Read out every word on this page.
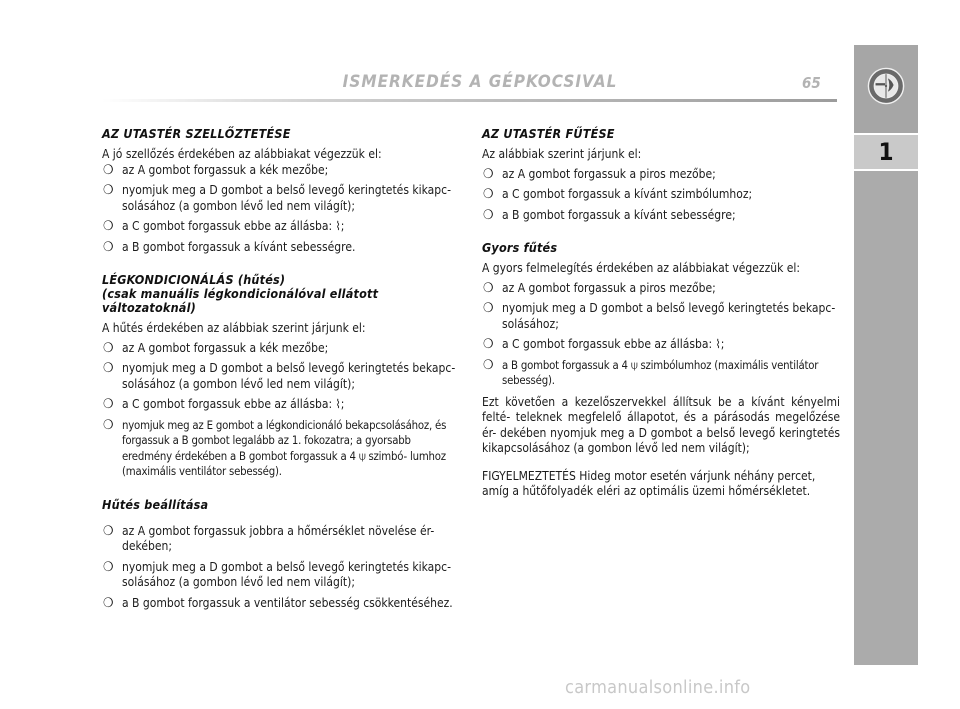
ISMERKEDÉS A GÉPKOCSIVAL	65
1
AZ UTASTÉR SZELLŐZTETÉSE
A jó szellőzés érdekében az alábbiakat végezzük el:
❍ az A gombot forgassuk a kék mezőbe;
❍ nyomjuk meg a D gombot a belső levegő keringtetés kikapc- solásához (a gombon lévő led nem világít);
❍ a C gombot forgassuk ebbe az állásba: ⌇;
❍ a B gombot forgassuk a kívánt sebességre.
LÉGKONDICIONÁLÁS (hűtés)
(csak manuális légkondicionálóval ellátott változatoknál)
A hűtés érdekében az alábbiak szerint járjunk el:
❍ az A gombot forgassuk a kék mezőbe;
❍ nyomjuk meg a D gombot a belső levegő keringtetés bekapc- solásához (a gombon lévő led nem világít);
❍ a C gombot forgassuk ebbe az állásba: ⌇;
❍ nyomjuk meg az E gombot a légkondicionáló bekapcsolásához, és forgassuk a B gombot legalább az 1. fokozatra; a gyorsabb eredmény érdekében a B gombot forgassuk a 4 ⍦ szimbó- lumhoz (maximális ventilátor sebesség).
Hűtés beállítása
❍ az A gombot forgassuk jobbra a hőmérséklet növelése ér- dekében;
❍ nyomjuk meg a D gombot a belső levegő keringtetés kikapc- solásához (a gombon lévő led nem világít);
❍ a B gombot forgassuk a ventilátor sebesség csökkentéséhez.
AZ UTASTÉR FŰTÉSE
Az alábbiak szerint járjunk el:
❍ az A gombot forgassuk a piros mezőbe;
❍ a C gombot forgassuk a kívánt szimbólumhoz;
❍ a B gombot forgassuk a kívánt sebességre;
Gyors fűtés
A gyors felmelegítés érdekében az alábbiakat végezzük el:
❍ az A gombot forgassuk a piros mezőbe;
❍ nyomjuk meg a D gombot a belső levegő keringtetés bekapc- solásához;
❍ a C gombot forgassuk ebbe az állásba: ⌇;
❍ a B gombot forgassuk a 4 ⍦ szimbólumhoz (maximális ventilátor sebesség).
Ezt követően a kezelőszervekkel állítsuk be a kívánt kényelmi felté- teleknek megfelelő állapotot, és a párásodás megelőzése ér- dekében nyomjuk meg a D gombot a belső levegő keringtetés kikapcsolásához (a gombon lévő led nem világít);
FIGYELMEZTETÉS Hideg motor esetén várjunk néhány percet, amíg a hűtőfolyadék eléri az optimális üzemi hőmérsékletet.
carmanualsonline.info
